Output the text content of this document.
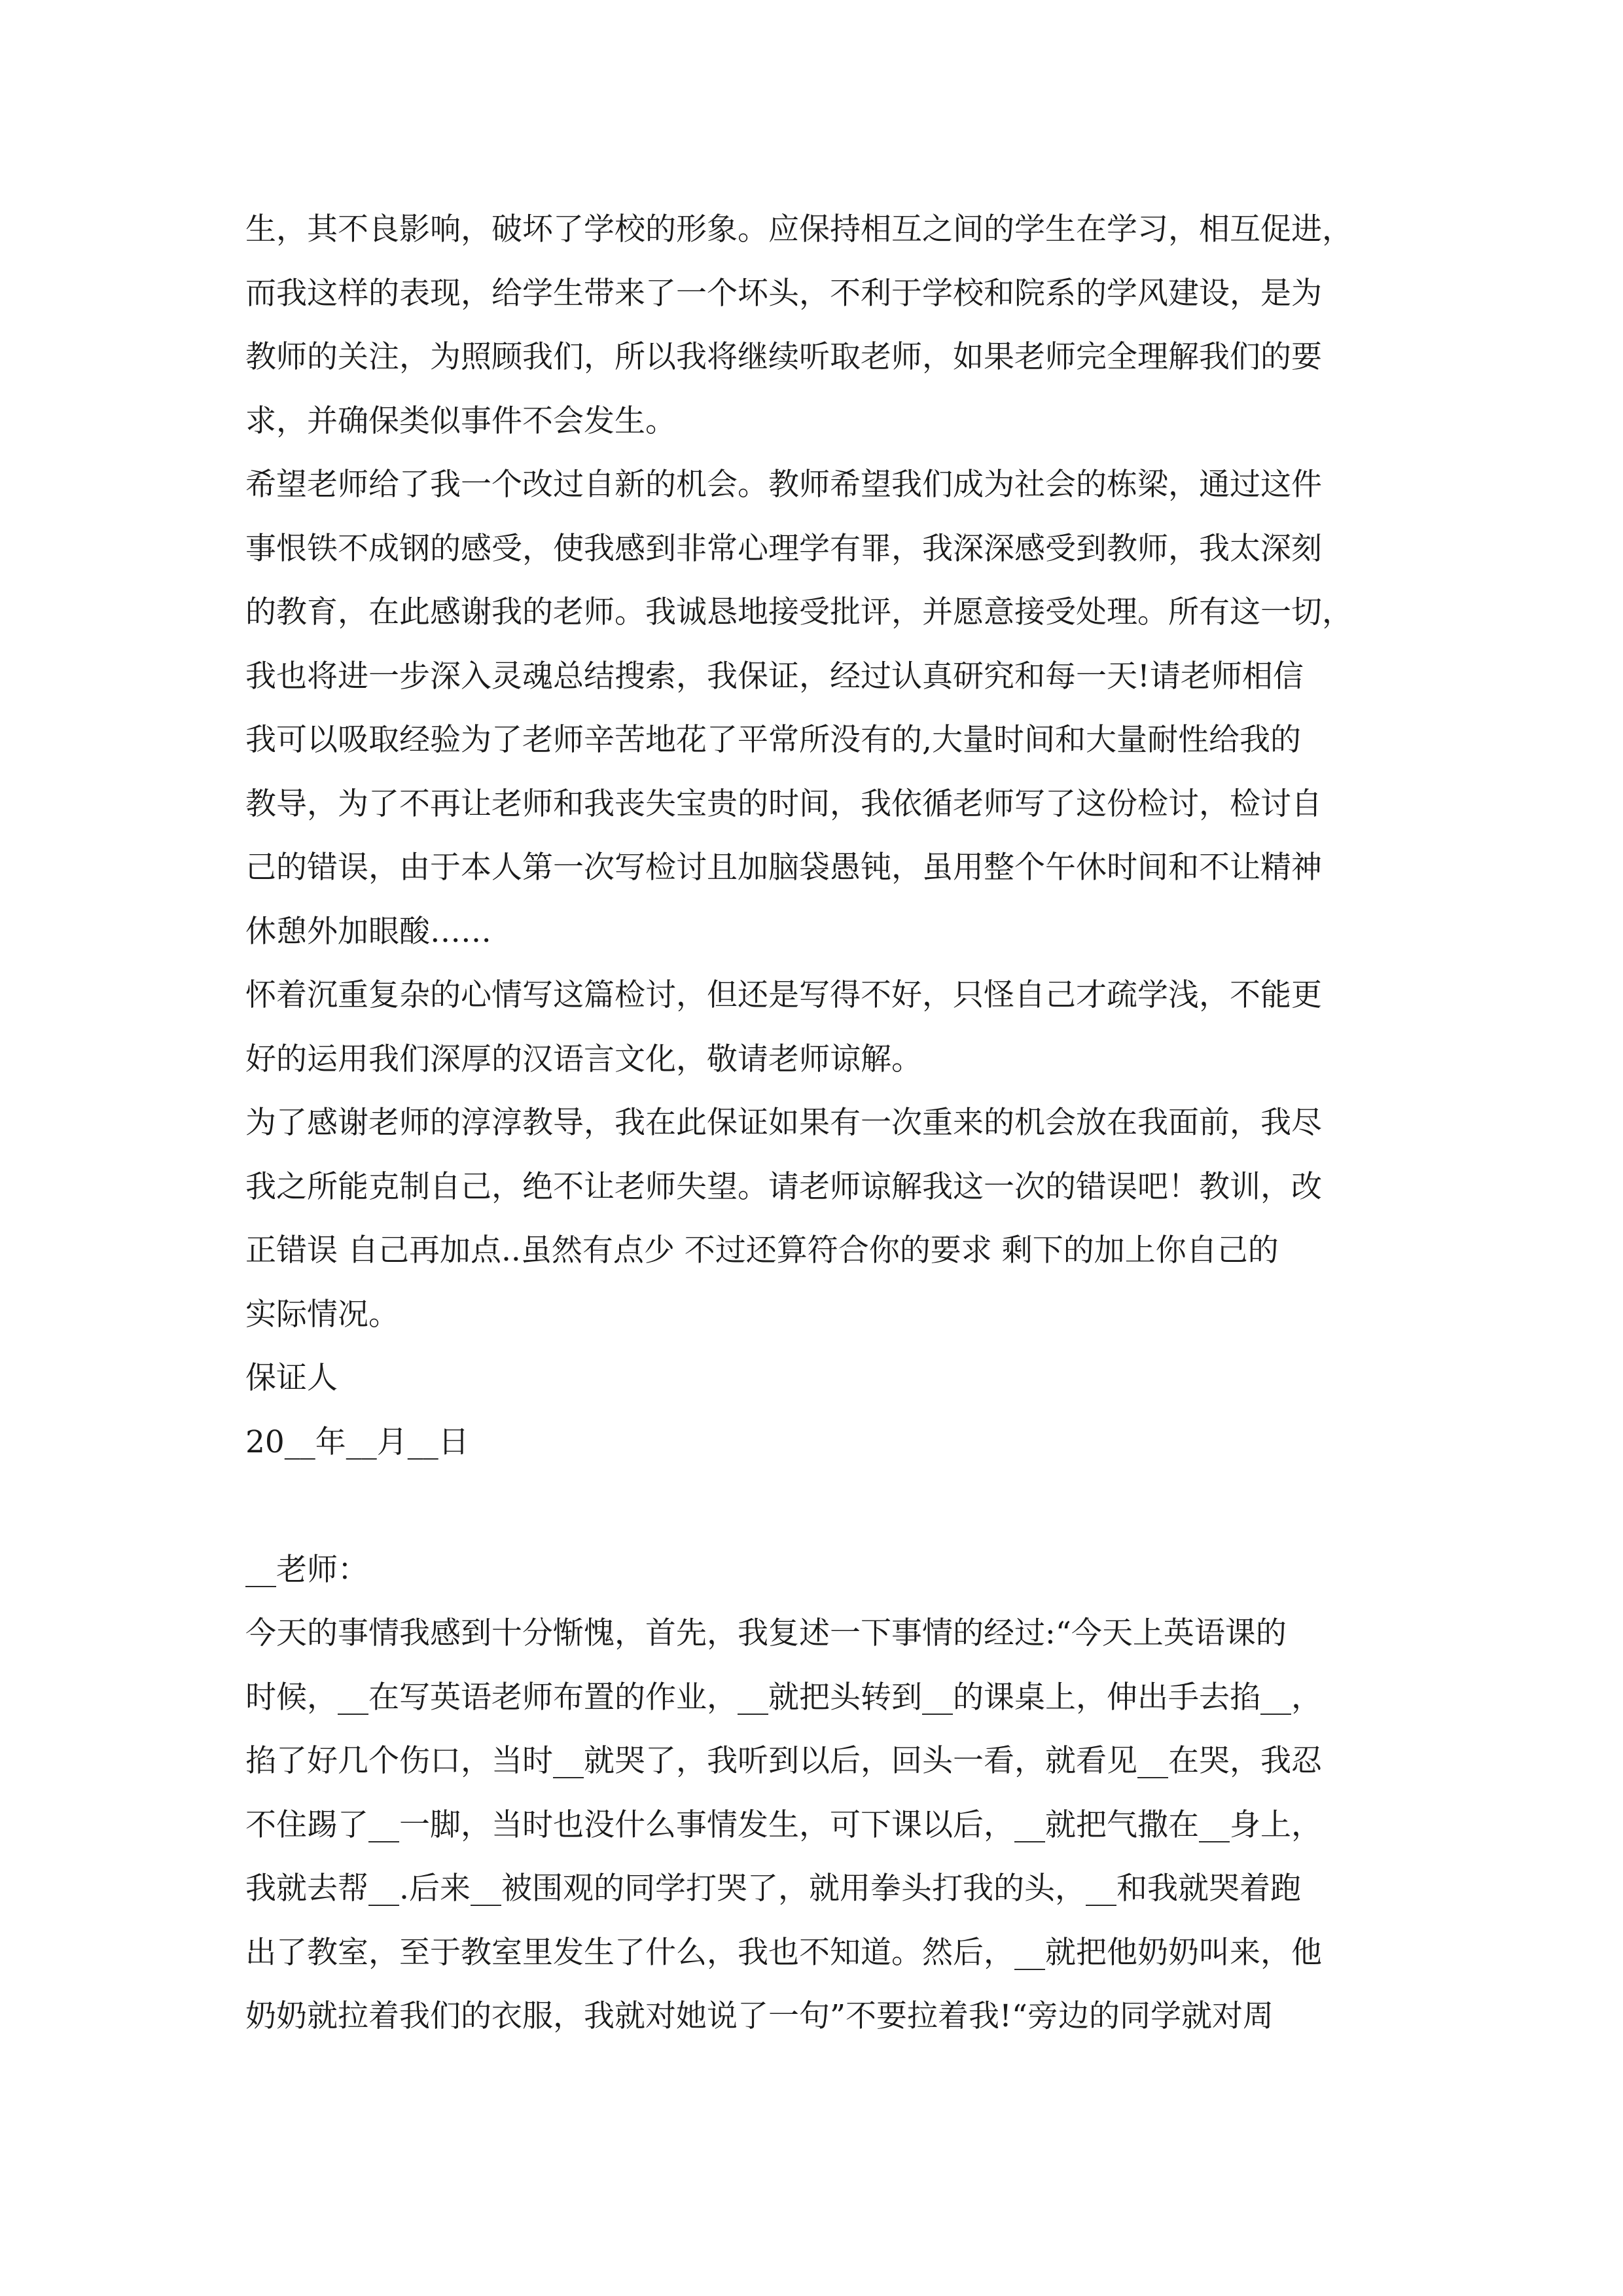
生，其不良影响，破坏了学校的形象。应保持相互之间的学生在学习，相互促进，
而我这样的表现，给学生带来了一个坏头，不利于学校和院系的学风建设，是为
教师的关注，为照顾我们，所以我将继续听取老师，如果老师完全理解我们的要
求，并确保类似事件不会发生。
希望老师给了我一个改过自新的机会。教师希望我们成为社会的栋梁，通过这件
事恨铁不成钢的感受，使我感到非常心理学有罪，我深深感受到教师，我太深刻
的教育，在此感谢我的老师。我诚恳地接受批评，并愿意接受处理。所有这一切，
我也将进一步深入灵魂总结搜索，我保证，经过认真研究和每一天!请老师相信
我可以吸取经验为了老师辛苦地花了平常所没有的,大量时间和大量耐性给我的
教导，为了不再让老师和我丧失宝贵的时间，我依循老师写了这份检讨，检讨自
己的错误，由于本人第一次写检讨且加脑袋愚钝，虽用整个午休时间和不让精神
休憩外加眼酸……
怀着沉重复杂的心情写这篇检讨，但还是写得不好，只怪自己才疏学浅，不能更
好的运用我们深厚的汉语言文化，敬请老师谅解。
为了感谢老师的淳淳教导，我在此保证如果有一次重来的机会放在我面前，我尽
我之所能克制自己，绝不让老师失望。请老师谅解我这一次的错误吧！教训，改
正错误 自己再加点..虽然有点少 不过还算符合你的要求 剩下的加上你自己的
实际情况。
保证人
20__年__月__日
__老师：
今天的事情我感到十分惭愧，首先，我复述一下事情的经过:“今天上英语课的
时候，__在写英语老师布置的作业，__就把头转到__的课桌上，伸出手去掐__，
掐了好几个伤口，当时__就哭了，我听到以后，回头一看，就看见__在哭，我忍
不住踢了__一脚，当时也没什么事情发生，可下课以后，__就把气撒在__身上，
我就去帮__.后来__被围观的同学打哭了，就用拳头打我的头，__和我就哭着跑
出了教室，至于教室里发生了什么，我也不知道。然后，__就把他奶奶叫来，他
奶奶就拉着我们的衣服，我就对她说了一句”不要拉着我!“旁边的同学就对周
